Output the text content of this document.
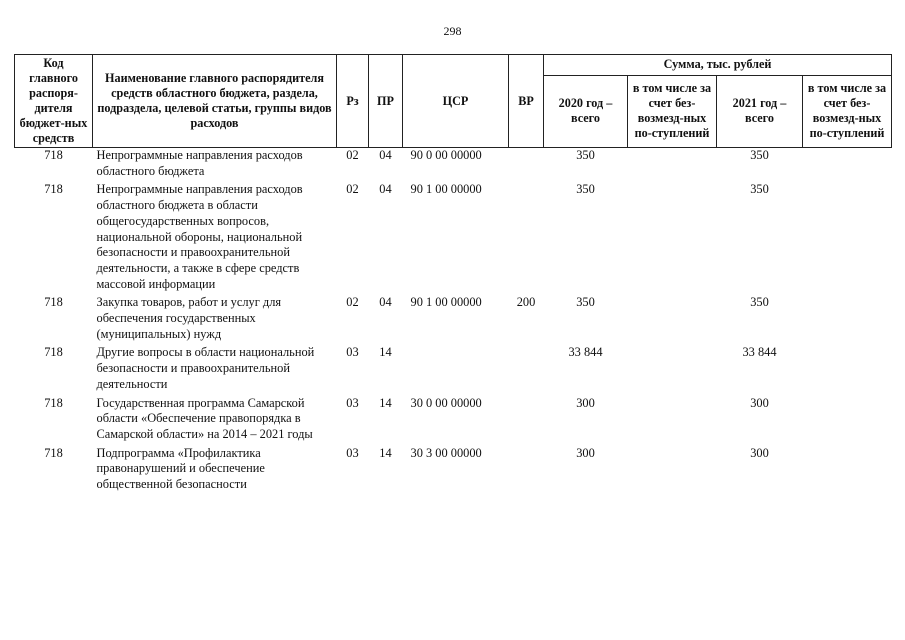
298
Код главного распоря-дителя бюджет-ных средств	Наименование главного распорядителя средств областного бюджета, раздела, подраздела, целевой статьи, группы видов расходов	Рз	ПР	ЦСР	ВР	Сумма, тыс. рублей			
						2020 год – всего	в том числе за счет без-возмезд-ных по-ступлений	2021 год – всего	в том числе за счет без-возмезд-ных по-ступлений
718	Непрограммные направления расходов областного бюджета	02	04	90 0 00 00000		350		350	
718	Непрограммные направления расходов областного бюджета в области общегосударственных вопросов, национальной обороны, национальной безопасности и правоохранительной деятельности, а также в сфере средств массовой информации	02	04	90 1 00 00000		350		350	
718	Закупка товаров, работ и услуг для обеспечения государственных (муниципальных) нужд	02	04	90 1 00 00000	200	350		350	
718	Другие вопросы в области национальной безопасности и правоохранительной деятельности	03	14			33 844		33 844	
718	Государственная программа Самарской области «Обеспечение правопорядка в Самарской области» на 2014 – 2021 годы	03	14	30 0 00 00000		300		300	
718	Подпрограмма «Профилактика правонарушений и обеспечение общественной безопасности	03	14	30 3 00 00000		300		300	
